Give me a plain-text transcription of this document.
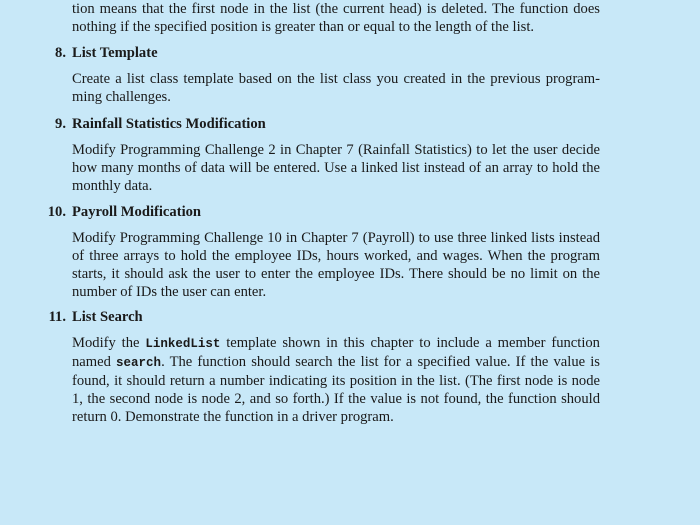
tion means that the first node in the list (the current head) is deleted. The function does nothing if the specified position is greater than or equal to the length of the list.

8. List Template

Create a list class template based on the list class you created in the previous program-ming challenges.

9. Rainfall Statistics Modification

Modify Programming Challenge 2 in Chapter 7 (Rainfall Statistics) to let the user decide how many months of data will be entered. Use a linked list instead of an array to hold the monthly data.

10. Payroll Modification

Modify Programming Challenge 10 in Chapter 7 (Payroll) to use three linked lists instead of three arrays to hold the employee IDs, hours worked, and wages. When the program starts, it should ask the user to enter the employee IDs. There should be no limit on the number of IDs the user can enter.

11. List Search

Modify the LinkedList template shown in this chapter to include a member function named search. The function should search the list for a specified value. If the value is found, it should return a number indicating its position in the list. (The first node is node 1, the second node is node 2, and so forth.) If the value is not found, the function should return 0. Demonstrate the function in a driver program.
